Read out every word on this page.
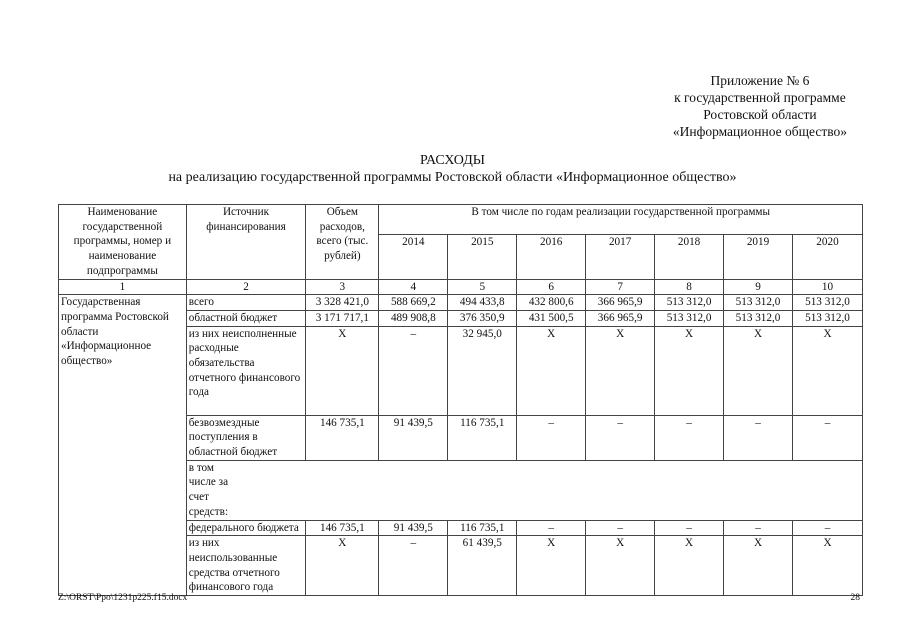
Приложение № 6
к государственной программе
Ростовской области
«Информационное общество»
РАСХОДЫ
на реализацию государственной программы Ростовской области «Информационное общество»
Наименование государственной программы, номер и наименование подпрограммы	Источник финансирования	Объем расходов, всего (тыс. рублей)	В том числе по годам реализации государственной программы						
			2014	2015	2016	2017	2018	2019	2020
1	2	3	4	5	6	7	8	9	10
Государственная программа Ростовской области «Информационное общество»	всего	3 328 421,0	588 669,2	494 433,8	432 800,6	366 965,9	513 312,0	513 312,0	513 312,0
	областной бюджет	3 171 717,1	489 908,8	376 350,9	431 500,5	366 965,9	513 312,0	513 312,0	513 312,0
	из них неисполненные расходные обязательства отчетного финансового года	X	–	32 945,0	X	X	X	X	X
	безвозмездные поступления в областной бюджет	146 735,1	91 439,5	116 735,1	–	–	–	–	–
	в том числе за счет средств:								
	федерального бюджета	146 735,1	91 439,5	116 735,1	–	–	–	–	–
	из них неиспользованные средства отчетного финансового года	X	–	61 439,5	X	X	X	X	X
Z:\ORST\Ppo\1231p225.f15.docx	28
